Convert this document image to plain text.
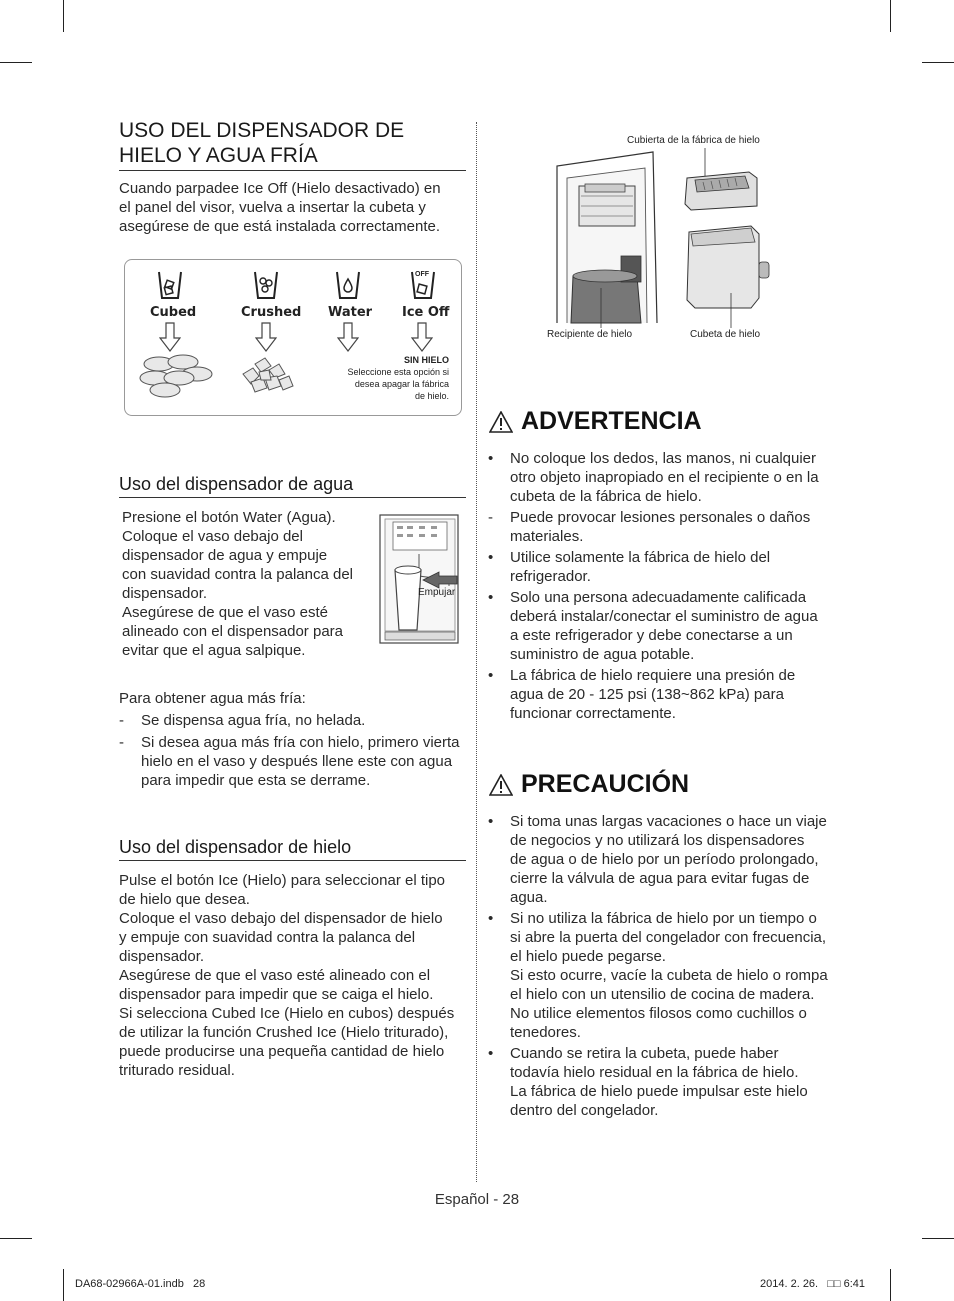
USO DEL DISPENSADOR DE
HIELO Y AGUA FRÍA
Cuando parpadee Ice Off (Hielo desactivado) en
el panel del visor, vuelva a insertar la cubeta y
asegúrese de que está instalada correctamente.
OFF
Cubed	Crushed Water Ice Off
SIN HIELO
Seleccione esta opción si
desea apagar la fábrica
de hielo.
Uso del dispensador de agua
Presione el botón Water (Agua).
Coloque el vaso debajo del
dispensador de agua y empuje
con suavidad contra la palanca del
dispensador.
Asegúrese de que el vaso esté
alineado con el dispensador para
evitar que el agua salpique.
Empujar
Para obtener agua más fría:
- Se dispensa agua fría, no helada.
- Si desea agua más fría con hielo, primero vierta
hielo en el vaso y después llene este con agua
para impedir que esta se derrame.
Uso del dispensador de hielo
Pulse el botón Ice (Hielo) para seleccionar el tipo
de hielo que desea.
Coloque el vaso debajo del dispensador de hielo
y empuje con suavidad contra la palanca del
dispensador.
Asegúrese de que el vaso esté alineado con el
dispensador para impedir que se caiga el hielo.
Si selecciona Cubed Ice (Hielo en cubos) después
de utilizar la función Crushed Ice (Hielo triturado),
puede producirse una pequeña cantidad de hielo
triturado residual.
Cubierta de la fábrica de hielo
Recipiente de hielo	Cubeta de hielo
ADVERTENCIA
• No coloque los dedos, las manos, ni cualquier
otro objeto inapropiado en el recipiente o en la
cubeta de la fábrica de hielo.
- Puede provocar lesiones personales o daños
materiales.
• Utilice solamente la fábrica de hielo del
refrigerador.
• Solo una persona adecuadamente calificada
deberá instalar/conectar el suministro de agua
a este refrigerador y debe conectarse a un
suministro de agua potable.
• La fábrica de hielo requiere una presión de
agua de 20 - 125 psi (138~862 kPa) para
funcionar correctamente.
PRECAUCIÓN
• Si toma unas largas vacaciones o hace un viaje
de negocios y no utilizará los dispensadores
de agua o de hielo por un período prolongado,
cierre la válvula de agua para evitar fugas de
agua.
• Si no utiliza la fábrica de hielo por un tiempo o
si abre la puerta del congelador con frecuencia,
el hielo puede pegarse.
Si esto ocurre, vacíe la cubeta de hielo o rompa
el hielo con un utensilio de cocina de madera.
No utilice elementos filosos como cuchillos o
tenedores.
• Cuando se retira la cubeta, puede haber
todavía hielo residual en la fábrica de hielo.
La fábrica de hielo puede impulsar este hielo
dentro del congelador.
Español - 28
DA68-02966A-01.indb   28	2014. 2. 26.   □□ 6:41
